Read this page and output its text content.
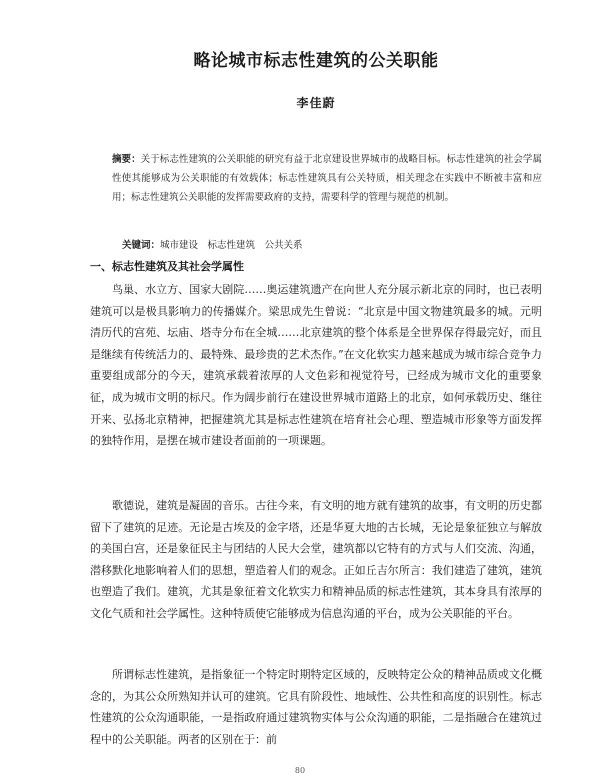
略论城市标志性建筑的公关职能
李佳蔚
摘要：关于标志性建筑的公关职能的研究有益于北京建设世界城市的战略目标。标志性建筑的社会学属性使其能够成为公关职能的有效载体；标志性建筑具有公关特质，相关理念在实践中不断被丰富和应用；标志性建筑公关职能的发挥需要政府的支持，需要科学的管理与规范的机制。
关键词：城市建设　标志性建筑　公共关系
一、标志性建筑及其社会学属性

鸟巢、水立方、国家大剧院……奥运建筑遗产在向世人充分展示新北京的同时，也已表明建筑可以是极具影响力的传播媒介。梁思成先生曾说：“北京是中国文物建筑最多的城。元明清历代的宫苑、坛庙、塔寺分布在全城……北京建筑的整个体系是全世界保存得最完好，而且是继续有传统活力的、最特殊、最珍贵的艺术杰作。”在文化软实力越来越成为城市综合竞争力重要组成部分的今天，建筑承载着浓厚的人文色彩和视觉符号，已经成为城市文化的重要象征，成为城市文明的标尺。作为阔步前行在建设世界城市道路上的北京，如何承载历史、继往开来、弘扬北京精神，把握建筑尤其是标志性建筑在培育社会心理、塑造城市形象等方面发挥的独特作用，是摆在城市建设者面前的一项课题。

歌德说，建筑是凝固的音乐。古往今来，有文明的地方就有建筑的故事，有文明的历史都留下了建筑的足迹。无论是古埃及的金字塔，还是华夏大地的古长城，无论是象征独立与解放的美国白宫，还是象征民主与团结的人民大会堂，建筑都以它特有的方式与人们交流、沟通，潜移默化地影响着人们的思想，塑造着人们的观念。正如丘吉尔所言：我们建造了建筑，建筑也塑造了我们。建筑，尤其是象征着文化软实力和精神品质的标志性建筑，其本身具有浓厚的文化气质和社会学属性。这种特质使它能够成为信息沟通的平台，成为公关职能的平台。

所谓标志性建筑，是指象征一个特定时期特定区域的，反映特定公众的精神品质或文化概念的，为其公众所熟知并认可的建筑。它具有阶段性、地域性、公共性和高度的识别性。标志性建筑的公众沟通职能，一是指政府通过建筑物实体与公众沟通的职能，二是指融合在建筑过程中的公关职能。两者的区别在于：前

80
